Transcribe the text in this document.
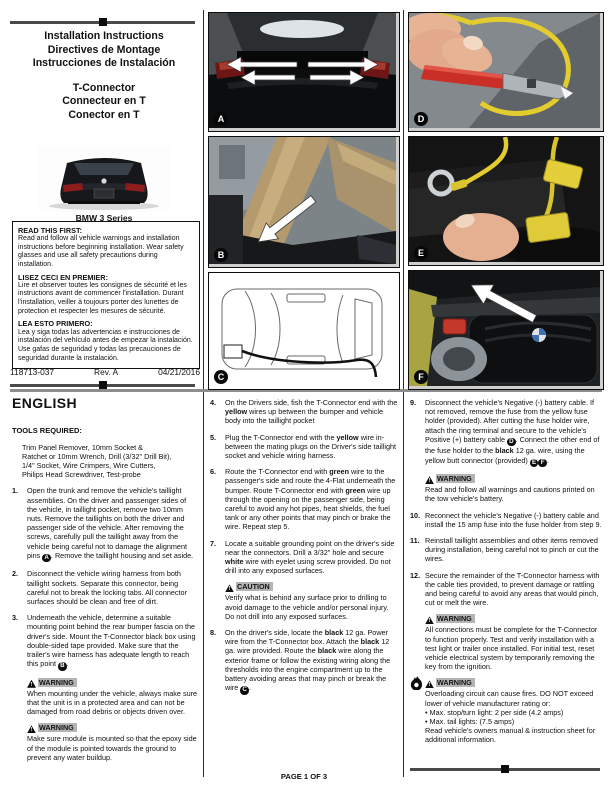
Installation Instructions
Directives de Montage
Instrucciones de Instalación
T-Connector
Connecteur en T
Conector en T
BMW 3 Series
READ THIS FIRST:
Read and follow all vehicle warnings and installation instructions before beginning installation. Wear safety glasses and use all safety precautions during installation.
LISEZ CECI EN PREMIER:
Lire et observer toutes les consignes de sécurité et les instructions avant de commencer l'installation. Durant l'installation, veiller à toujours porter des lunettes de protection et respecter les mesures de sécurité.
LEA ESTO PRIMERO:
Lea y siga todas las advertencias e instrucciones de instalación del vehículo antes de empezar la instalación. Use gafas de seguridad y todas las precauciones de seguridad durante la instalación.
118713-037	Rev. A	04/21/2016
A
B
C
D
E
F
ENGLISH
TOOLS REQUIRED:
Trim Panel Remover, 10mm Socket &
Ratchet or 10mm Wrench, Drill (3/32" Drill Bit),
1/4" Socket, Wire Crimpers, Wire Cutters,
Philips Head Screwdriver, Test-probe
1.	Open the trunk and remove the vehicle's taillight assemblies. On the driver and passenger sides of the vehicle, in taillight pocket, remove two 10mm nuts. Remove the taillights on both the driver and passenger side of the vehicle. After removing the screws, carefully pull the taillight away from the vehicle being careful not to damage the alignment pins A . Remove the taillight housing and set aside.
2.	Disconnect the vehicle wiring harness from both taillight sockets. Separate this connector, being careful not to break the locking tabs. All connector surfaces should be clean and free of dirt.
3.	Underneath the vehicle, determine a suitable mounting point behind the rear bumper fascia on the driver's side. Mount the T-Connector black box using double-sided tape provided. Make sure that the trailer's wire harness has adequate length to reach this point B .
! WARNING
When mounting under the vehicle, always make sure that the unit is in a protected area and can not be damaged from road debris or objects driven over.
! WARNING
Make sure module is mounted so that the epoxy side of the module is pointed towards the ground to prevent any water buildup.
4.	On the Drivers side, fish the T-Connector end with the yellow wires up between the bumper and vehicle body into the taillight pocket
5.	Plug the T-Connector end with the yellow wire in-between the mating plugs on the Driver's side taillight socket and vehicle wiring harness.
6.	Route the T-Connector end with green wire to the passenger's side and route the 4-Flat underneath the bumper. Route T-Connector end with green wire up through the opening on the passenger side, being careful to avoid any hot pipes, heat shields, the fuel tank or any other points that may pinch or brake the wire. Repeat step 5.
7.	Locate a suitable grounding point on the driver's side near the connectors. Drill a 3/32" hole and secure white wire with eyelet using screw provided. Do not drill into any exposed surfaces.
! CAUTION
Verify what is behind any surface prior to drilling to avoid damage to the vehicle and/or personal injury. Do not drill into any exposed surfaces.
8.	On the driver's side, locate the black 12 ga. Power wire from the T-Connector box. Attach the black 12 ga. wire provided. Route the black wire along the exterior frame or follow the existing wiring along the thresholds into the engine compartment up to the battery avoiding areas that may pinch or break the wire C .
9.	Disconnect the vehicle's Negative (-) battery cable. If not removed, remove the fuse from the yellow fuse holder (provided). After cutting the fuse holder wire, attach the ring terminal and secure to the vehicle's Positive (+) battery cable D . Connect the other end of the fuse holder to the black 12 ga. wire, using the yellow butt connector (provided) E F .
! WARNING
Read and follow all warnings and cautions printed on the tow vehicle's battery.
10. Reconnect the vehicle's Negative (-) battery cable and install the 15 amp fuse into the fuse holder from step 9.
11. Reinstall taillight assemblies and other items removed during installation, being careful not to pinch or cut the wires.
12. Secure the remainder of the T-Connector harness with the cable ties provided, to prevent damage or rattling and being careful to avoid any areas that would pinch, cut or melt the wire.
! WARNING
All connections must be complete for the T-Connector to function properly. Test and verify installation with a test light or trailer once installed. For initial test, reset vehicle electrical system by temporarily removing the key from the ignition.
! WARNING
Overloading circuit can cause fires. DO NOT exceed lower of vehicle manufacturer rating or:
• Max. stop/turn light: 2 per side (4.2 amps)
• Max. tail lights: (7.5 amps)
Read vehicle's owners manual & instruction sheet for additional information.
PAGE 1 OF 3
